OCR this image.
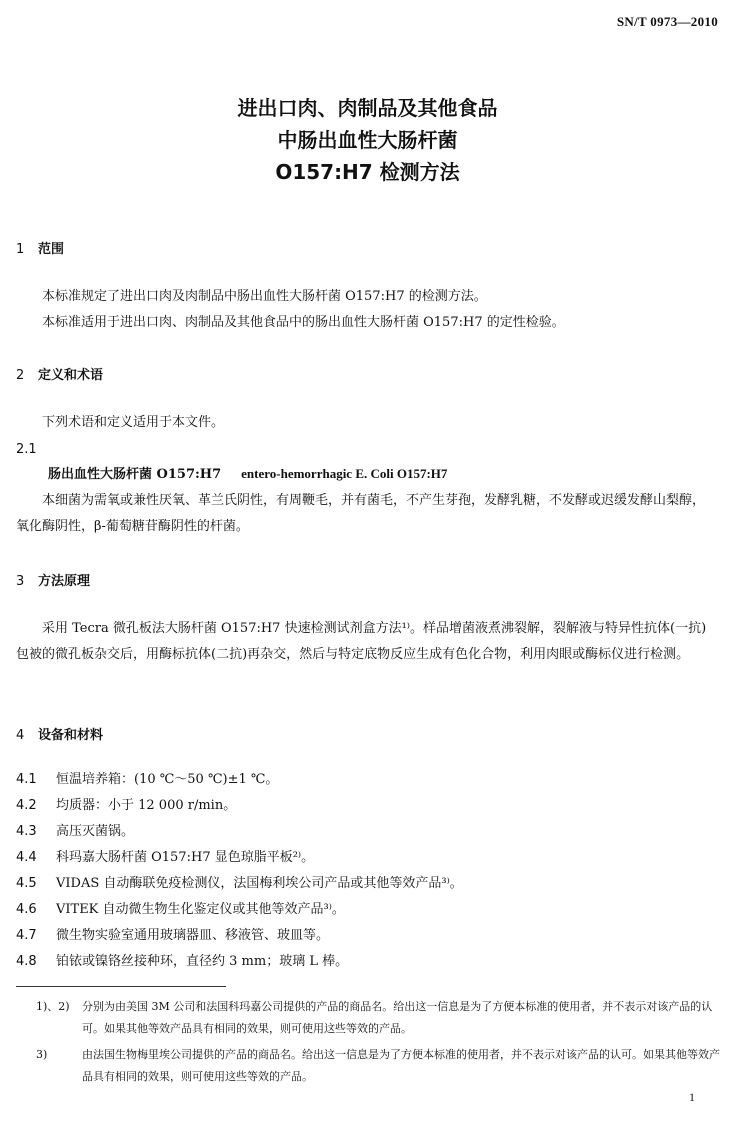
SN/T 0973—2010
进出口肉、肉制品及其他食品
中肠出血性大肠杆菌
O157:H7 检测方法
1 范围
本标准规定了进出口肉及肉制品中肠出血性大肠杆菌 O157:H7 的检测方法。
本标准适用于进出口肉、肉制品及其他食品中的肠出血性大肠杆菌 O157:H7 的定性检验。
2 定义和术语
下列术语和定义适用于本文件。
2.1
肠出血性大肠杆菌 O157:H7 entero-hemorrhagic E. Coli O157:H7
本细菌为需氧或兼性厌氧、革兰氏阴性，有周鞭毛，并有菌毛，不产生芽孢，发酵乳糖，不发酵或迟缓发酵山梨醇，氧化酶阴性，β-葡萄糖苷酶阴性的杆菌。
3 方法原理
采用 Tecra 微孔板法大肠杆菌 O157:H7 快速检测试剂盒方法¹⁾。样品增菌液煮沸裂解，裂解液与特异性抗体(一抗)包被的微孔板杂交后，用酶标抗体(二抗)再杂交，然后与特定底物反应生成有色化合物，利用肉眼或酶标仪进行检测。
4 设备和材料
4.1 恒温培养箱：(10 ℃～50 ℃)±1 ℃。
4.2 均质器：小于 12 000 r/min。
4.3 高压灭菌锅。
4.4 科玛嘉大肠杆菌 O157:H7 显色琼脂平板²⁾。
4.5 VIDAS 自动酶联免疫检测仪，法国梅利埃公司产品或其他等效产品³⁾。
4.6 VITEK 自动微生物生化鉴定仪或其他等效产品³⁾。
4.7 微生物实验室通用玻璃器皿、移液管、玻皿等。
4.8 铂铱或镍铬丝接种环，直径约 3 mm；玻璃 L 棒。
1)、2)	分别为由美国 3M 公司和法国科玛嘉公司提供的产品的商品名。给出这一信息是为了方便本标准的使用者，并不表示对该产品的认可。如果其他等效产品具有相同的效果，则可使用这些等效的产品。
3)	由法国生物梅里埃公司提供的产品的商品名。给出这一信息是为了方便本标准的使用者，并不表示对该产品的认可。如果其他等效产品具有相同的效果，则可使用这些等效的产品。
1
